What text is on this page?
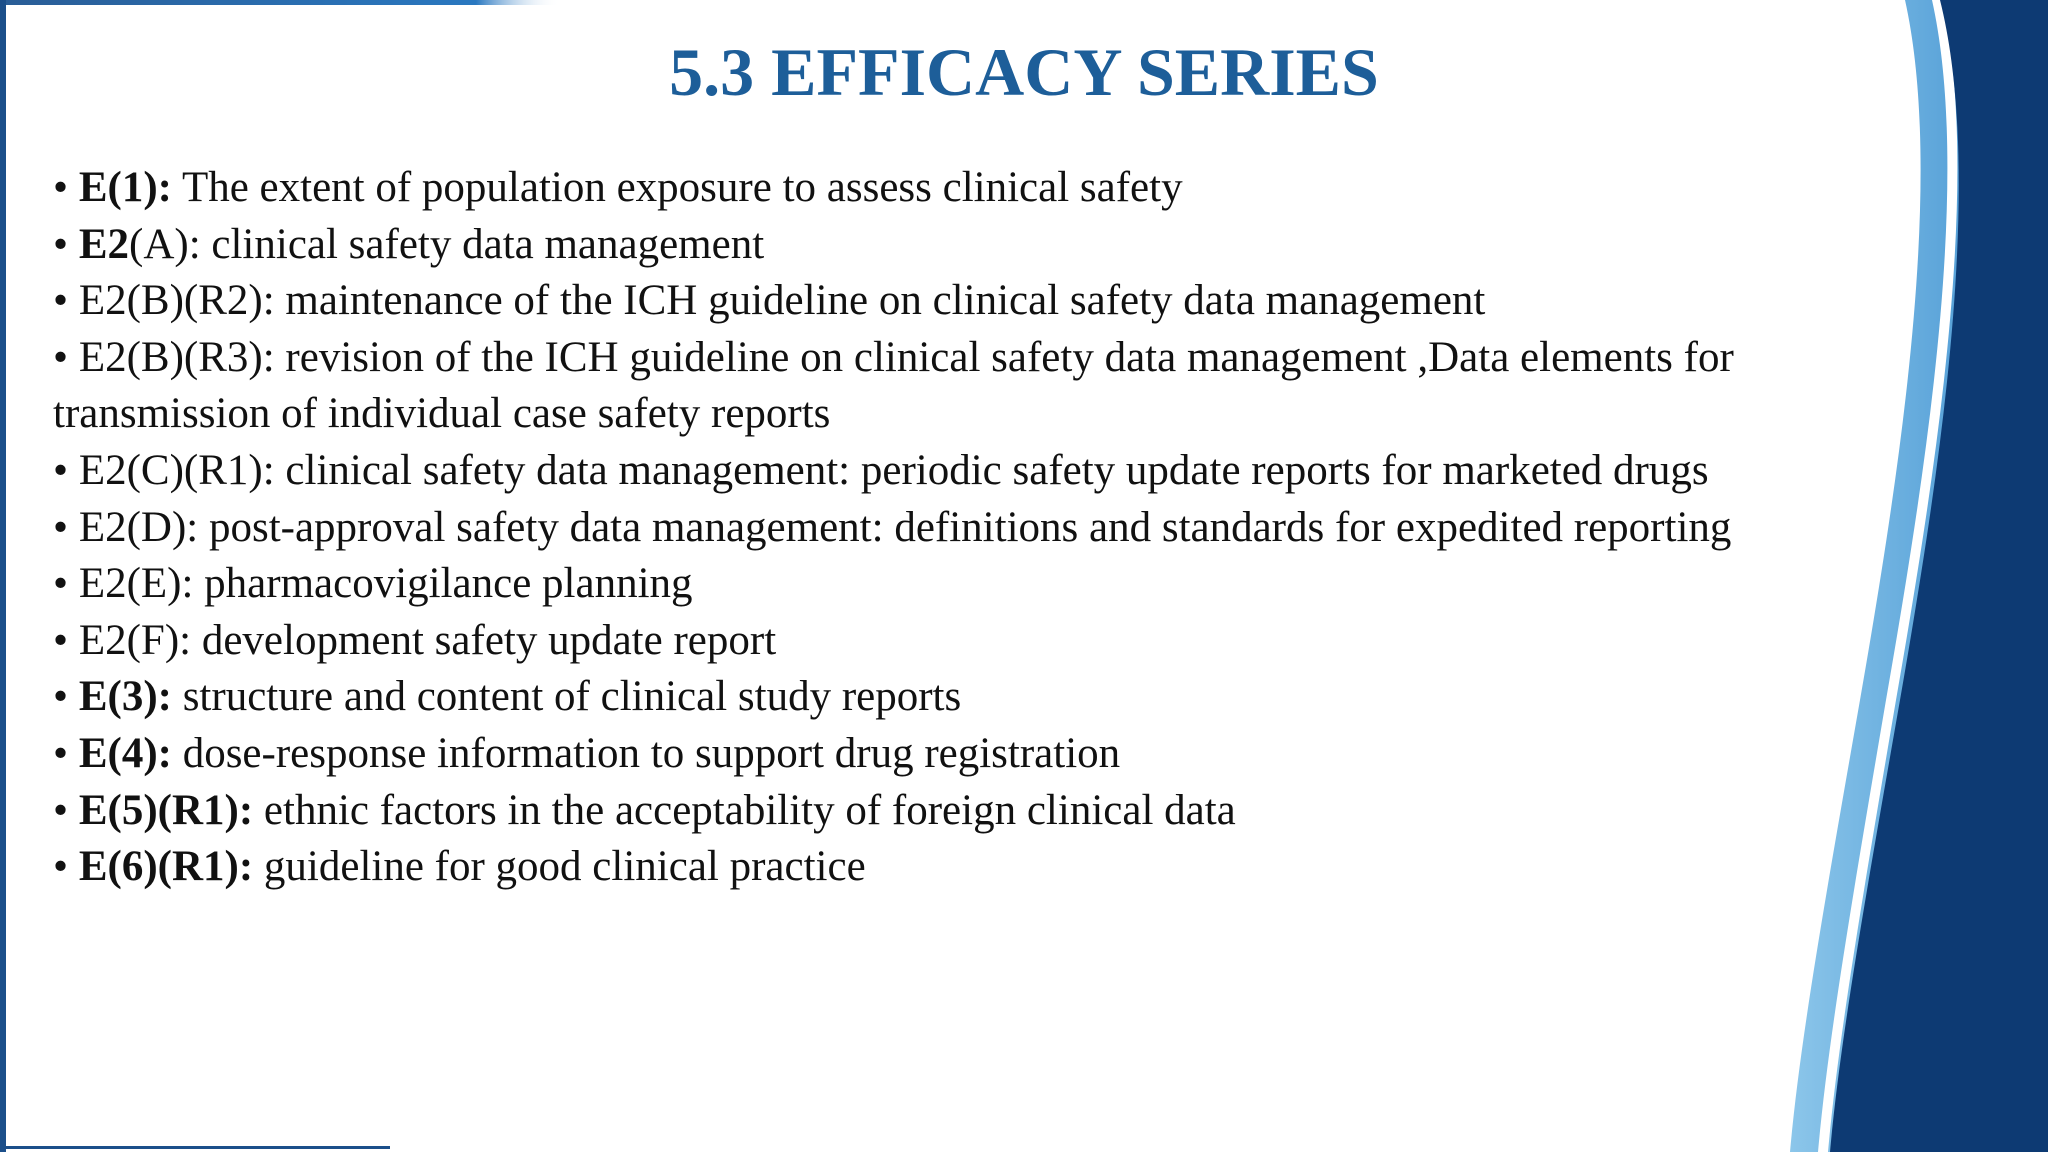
5.3 EFFICACY SERIES
• E(1): The extent of population exposure to assess clinical safety
• E2(A): clinical safety data management
• E2(B)(R2): maintenance of the ICH guideline on clinical safety data management
• E2(B)(R3): revision of the ICH guideline on clinical safety data management ,Data elements for transmission of individual case safety reports
• E2(C)(R1): clinical safety data management: periodic safety update reports for marketed drugs
• E2(D): post-approval safety data management: definitions and standards for expedited reporting
• E2(E): pharmacovigilance planning
• E2(F): development safety update report
• E(3): structure and content of clinical study reports
• E(4): dose-response information to support drug registration
• E(5)(R1): ethnic factors in the acceptability of foreign clinical data
• E(6)(R1): guideline for good clinical practice
